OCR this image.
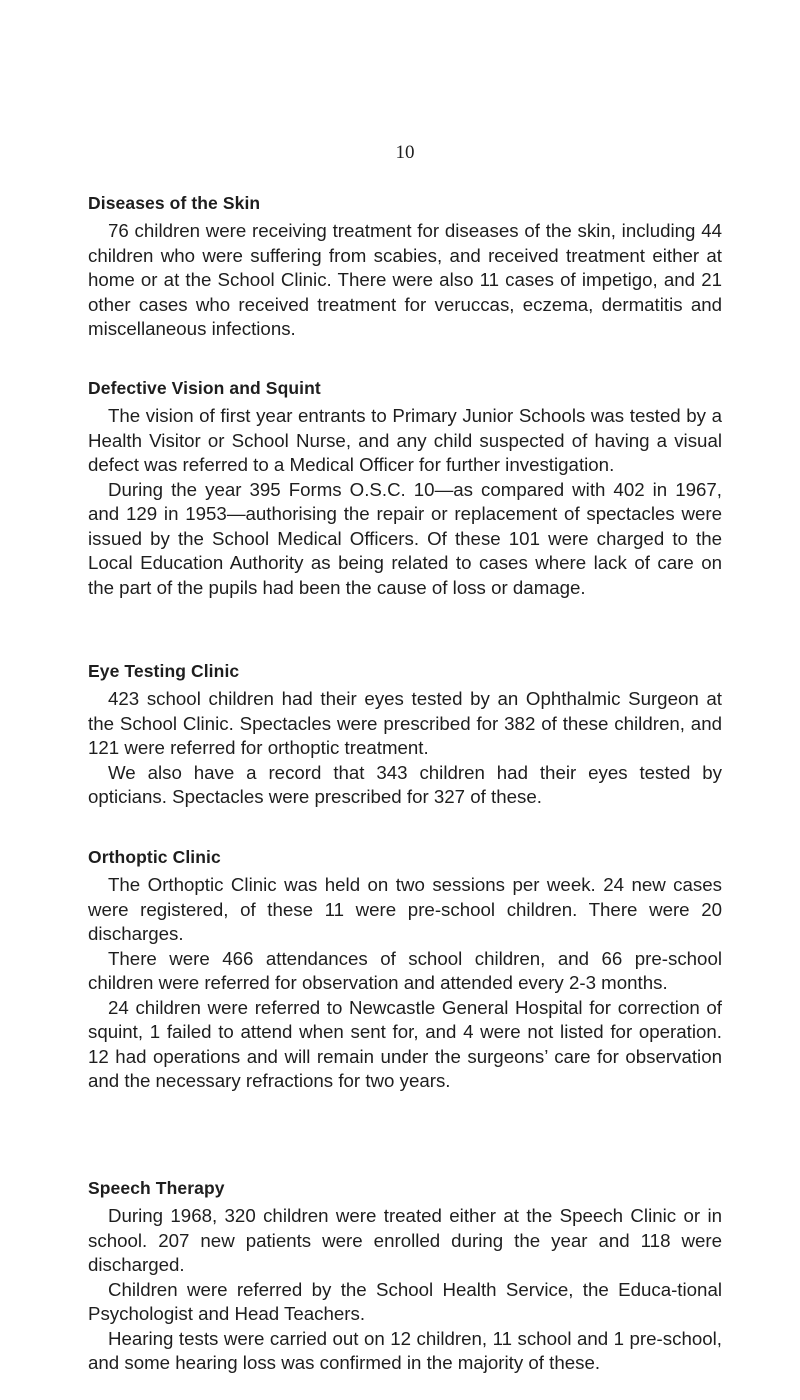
10
Diseases of the Skin

76 children were receiving treatment for diseases of the skin, including 44 children who were suffering from scabies, and received treatment either at home or at the School Clinic. There were also 11 cases of impetigo, and 21 other cases who received treatment for veruccas, eczema, dermatitis and miscellaneous infections.

Defective Vision and Squint

The vision of first year entrants to Primary Junior Schools was tested by a Health Visitor or School Nurse, and any child suspected of having a visual defect was referred to a Medical Officer for further investigation.

During the year 395 Forms O.S.C. 10—as compared with 402 in 1967, and 129 in 1953—authorising the repair or replacement of spectacles were issued by the School Medical Officers. Of these 101 were charged to the Local Education Authority as being related to cases where lack of care on the part of the pupils had been the cause of loss or damage.

Eye Testing Clinic

423 school children had their eyes tested by an Ophthalmic Surgeon at the School Clinic. Spectacles were prescribed for 382 of these children, and 121 were referred for orthoptic treatment.

We also have a record that 343 children had their eyes tested by opticians. Spectacles were prescribed for 327 of these.

Orthoptic Clinic

The Orthoptic Clinic was held on two sessions per week. 24 new cases were registered, of these 11 were pre-school children. There were 20 discharges.

There were 466 attendances of school children, and 66 pre-school children were referred for observation and attended every 2-3 months.

24 children were referred to Newcastle General Hospital for correction of squint, 1 failed to attend when sent for, and 4 were not listed for operation. 12 had operations and will remain under the surgeons’ care for observation and the necessary refractions for two years.

Speech Therapy

During 1968, 320 children were treated either at the Speech Clinic or in school. 207 new patients were enrolled during the year and 118 were discharged.

Children were referred by the School Health Service, the Educa-tional Psychologist and Head Teachers.

Hearing tests were carried out on 12 children, 11 school and 1 pre-school, and some hearing loss was confirmed in the majority of these.
